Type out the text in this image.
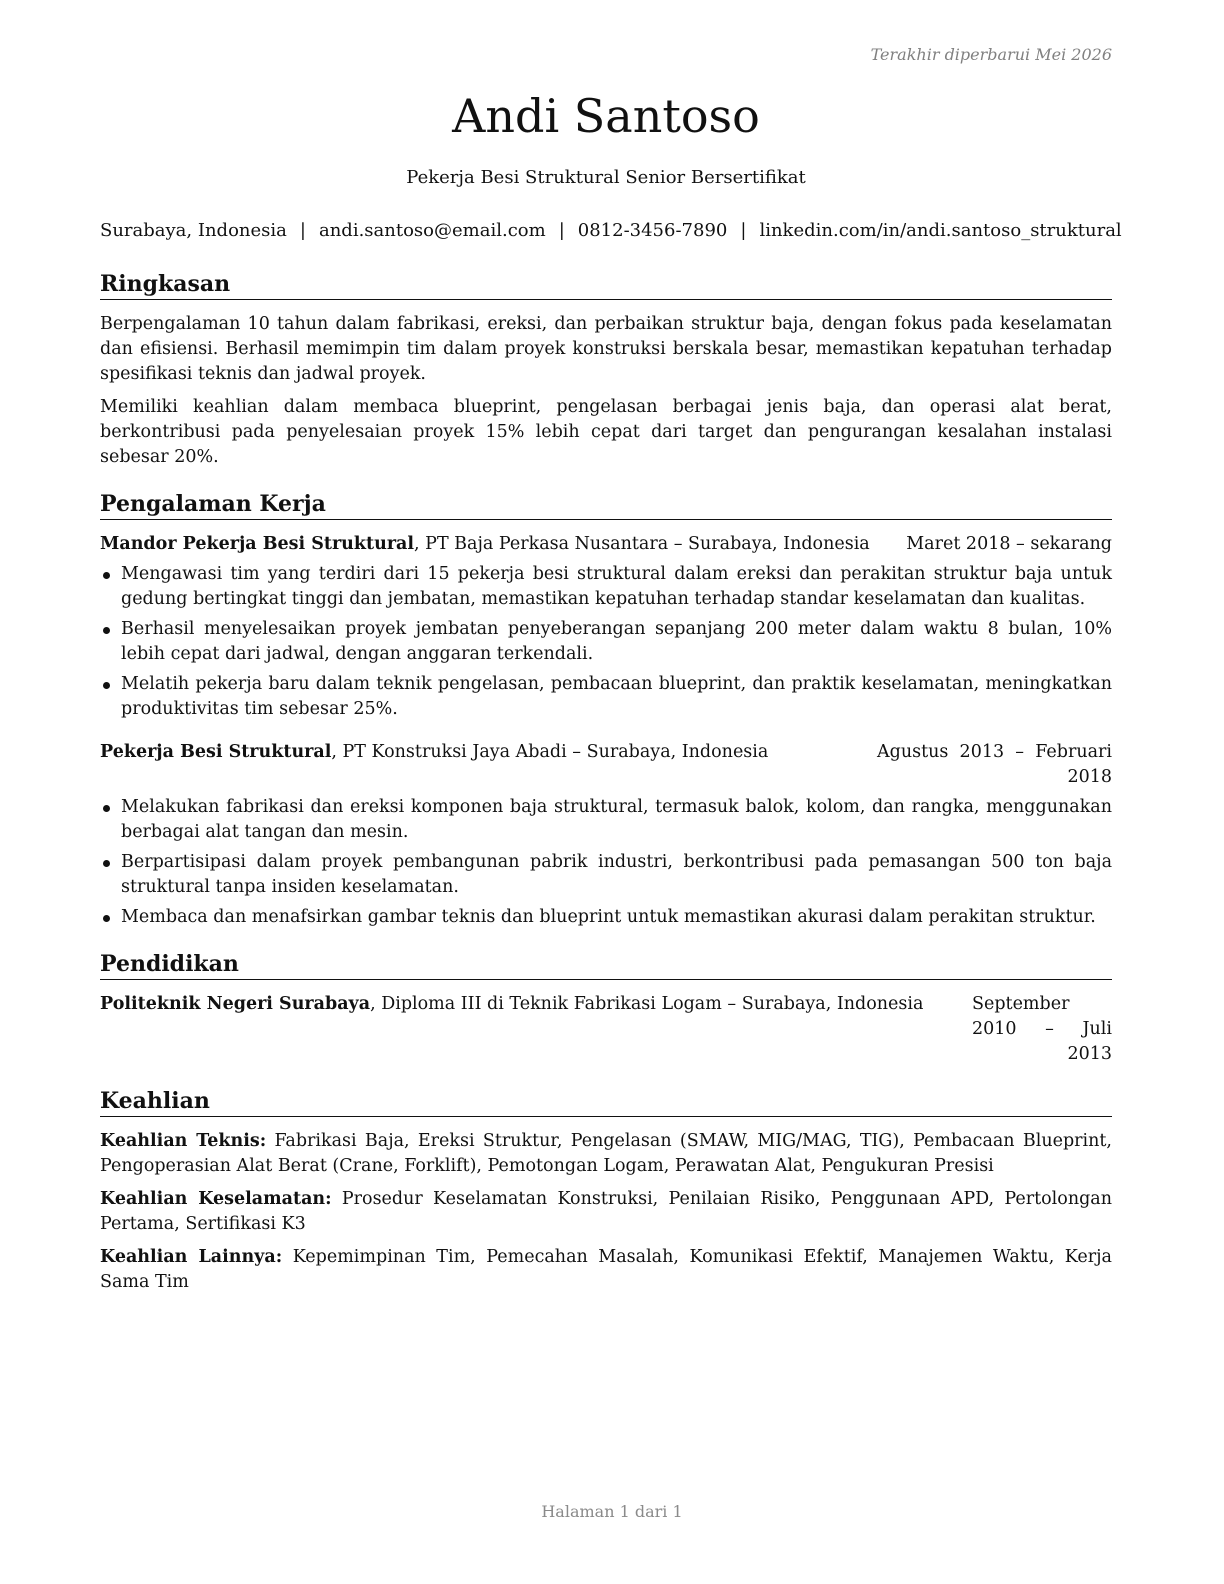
Terakhir diperbarui Mei 2026
Andi Santoso
Pekerja Besi Struktural Senior Bersertifikat
Surabaya, Indonesia | andi.santoso@email.com | 0812-3456-7890 | linkedin.com/in/andi.santoso_struktural
Ringkasan

Berpengalaman 10 tahun dalam fabrikasi, ereksi, dan perbaikan struktur baja, dengan fokus pada keselamatan dan efisiensi. Berhasil memimpin tim dalam proyek konstruksi berskala besar, memastikan kepatuhan terhadap spesifikasi teknis dan jadwal proyek.

Memiliki keahlian dalam membaca blueprint, pengelasan berbagai jenis baja, dan operasi alat berat, berkontribusi pada penyelesaian proyek 15% lebih cepat dari target dan pengurangan kesalahan instalasi sebesar 20%.

Pengalaman Kerja
Mandor Pekerja Besi Struktural, PT Baja Perkasa Nusantara – Surabaya, Indonesia	Maret 2018 – sekarang
Mengawasi tim yang terdiri dari 15 pekerja besi struktural dalam ereksi dan perakitan struktur baja untuk gedung bertingkat tinggi dan jembatan, memastikan kepatuhan terhadap standar keselamatan dan kualitas.
Berhasil menyelesaikan proyek jembatan penyeberangan sepanjang 200 meter dalam waktu 8 bulan, 10% lebih cepat dari jadwal, dengan anggaran terkendali.
Melatih pekerja baru dalam teknik pengelasan, pembacaan blueprint, dan praktik keselamatan, meningkatkan produktivitas tim sebesar 25%.
Pekerja Besi Struktural, PT Konstruksi Jaya Abadi – Surabaya, Indonesia	Agustus 2013 – Februari 2018
Melakukan fabrikasi dan ereksi komponen baja struktural, termasuk balok, kolom, dan rangka, menggunakan berbagai alat tangan dan mesin.
Berpartisipasi dalam proyek pembangunan pabrik industri, berkontribusi pada pemasangan 500 ton baja struktural tanpa insiden keselamatan.
Membaca dan menafsirkan gambar teknis dan blueprint untuk memastikan akurasi dalam perakitan struktur.
Pendidikan
Politeknik Negeri Surabaya, Diploma III di Teknik Fabrikasi Logam – Surabaya, Indonesia	September 2010 – Juli 2013
Keahlian

Keahlian Teknis: Fabrikasi Baja, Ereksi Struktur, Pengelasan (SMAW, MIG/MAG, TIG), Pembacaan Blueprint, Pengoperasian Alat Berat (Crane, Forklift), Pemotongan Logam, Perawatan Alat, Pengukuran Presisi

Keahlian Keselamatan: Prosedur Keselamatan Konstruksi, Penilaian Risiko, Penggunaan APD, Pertolongan Pertama, Sertifikasi K3

Keahlian Lainnya: Kepemimpinan Tim, Pemecahan Masalah, Komunikasi Efektif, Manajemen Waktu, Kerja Sama Tim

Halaman 1 dari 1
